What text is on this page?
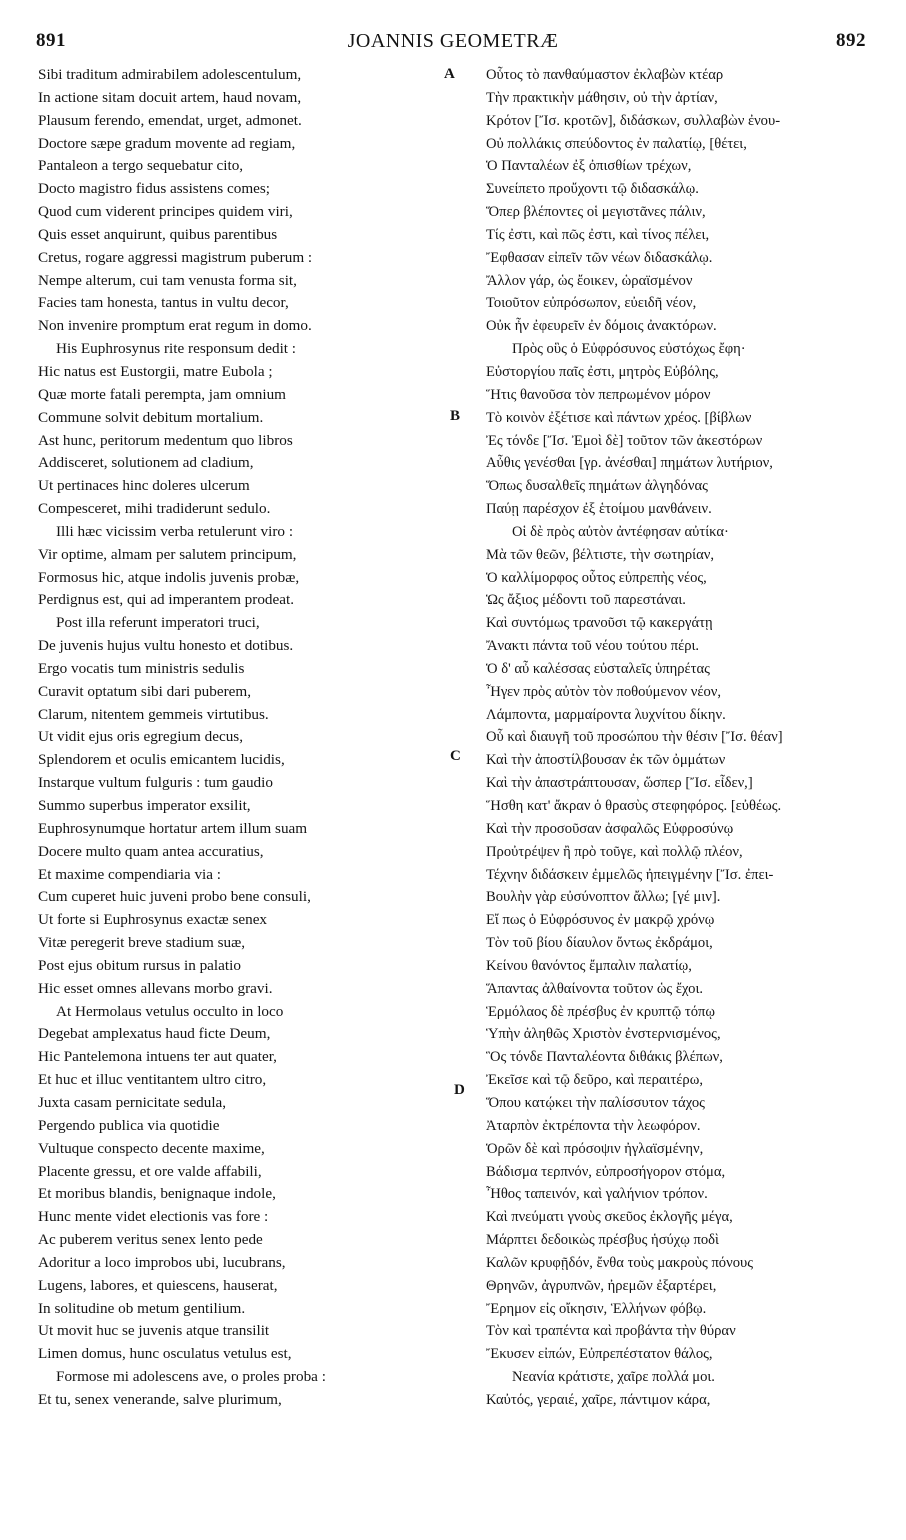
891	JOANNIS GEOMETRÆ	892
Sibi traditum admirabilem adolescentulum,
In actione sitam docuit artem, haud novam,
Plausum ferendo, emendat, urget, admonet.
Doctore sæpe gradum movente ad regiam,
Pantaleon a tergo sequebatur cito,
Docto magistro fidus assistens comes;
Quod cum viderent principes quidem viri,
Quis esset anquirunt, quibus parentibus
Cretus, rogare aggressi magistrum puberum :
Nempe alterum, cui tam venusta forma sit,
Facies tam honesta, tantus in vultu decor,
Non invenire promptum erat regum in domo.
His Euphrosynus rite responsum dedit :
Hic natus est Eustorgii, matre Eubola ;
Quæ morte fatali perempta, jam omnium
Commune solvit debitum mortalium.
Ast hunc, peritorum medentum quo libros
Addisceret, solutionem ad cladium,
Ut pertinaces hinc doleres ulcerum
Compesceret, mihi tradiderunt sedulo.
Illi hæc vicissim verba retulerunt viro :
Vir optime, almam per salutem principum,
Formosus hic, atque indolis juvenis probæ,
Perdignus est, qui ad imperantem prodeat.
Post illa referunt imperatori truci,
De juvenis hujus vultu honesto et dotibus.
Ergo vocatis tum ministris sedulis
Curavit optatum sibi dari puberem,
Clarum, nitentem gemmeis virtutibus.
Ut vidit ejus oris egregium decus,
Splendorem et oculis emicantem lucidis,
Instarque vultum fulguris : tum gaudio
Summo superbus imperator exsilit,
Euphrosynumque hortatur artem illum suam
Docere multo quam antea accuratius,
Et maxime compendiaria via :
Cum cuperet huic juveni probo bene consuli,
Ut forte si Euphrosynus exactæ senex
Vitæ peregerit breve stadium suæ,
Post ejus obitum rursus in palatio
Hic esset omnes allevans morbo gravi.
At Hermolaus vetulus occulto in loco
Degebat amplexatus haud ficte Deum,
Hic Pantelemona intuens ter aut quater,
Et huc et illuc ventitantem ultro citro,
Juxta casam pernicitate sedula,
Pergendo publica via quotidie
Vultuque conspecto decente maxime,
Placente gressu, et ore valde affabili,
Et moribus blandis, benignaque indole,
Hunc mente videt electionis vas fore :
Ac puberem veritus senex lento pede
Adoritur a loco improbos ubi, lucubrans,
Lugens, labores, et quiescens, hauserat,
In solitudine ob metum gentilium.
Ut movit huc se juvenis atque transilit
Limen domus, hunc osculatus vetulus est,
Formose mi adolescens ave, o proles proba :
Et tu, senex venerande, salve plurimum,
Οὗτος τὸ πανθαύμαστον ἐκλαβὼν κτέαρ
Τὴν πρακτικὴν μάθησιν, οὐ τὴν ἀρτίαν,
Κρότον [Ἴσ. κροτῶν], διδάσκων, συλλαβὼν ἐνου-
Οὐ πολλάκις σπεύδοντος ἐν παλατίῳ, [θέτει,
Ὁ Πανταλέων ἐξ ὀπισθίων τρέχων,
Συνείπετο προὔχοντι τῷ διδασκάλῳ.
Ὅπερ βλέποντες οἱ μεγιστᾶνες πάλιν,
Τίς ἐστι, καὶ πῶς ἐστι, καὶ τίνος πέλει,
Ἔφθασαν εἰπεῖν τῶν νέων διδασκάλῳ.
Ἄλλον γάρ, ὡς ἔοικεν, ὡραϊσμένον
Τοιοῦτον εὐπρόσωπον, εὐειδῆ νέον,
Οὐκ ἦν ἐφευρεῖν ἐν δόμοις ἀνακτόρων.
Πρὸς οὓς ὁ Εὐφρόσυνος εὐστόχως ἔφη·
Εὐστοργίου παῖς ἐστι, μητρὸς Εὐβόλης,
Ἥτις θανοῦσα τὸν πεπρωμένον μόρον
Τὸ κοινὸν ἐξέτισε καὶ πάντων χρέος. [βίβλων
Ἐς τόνδε [Ἴσ. Ἐμοὶ δὲ] τοῦτον τῶν ἀκεστόρων
Αὖθις γενέσθαι [γρ. ἀνέσθαι] πημάτων λυτήριον,
Ὅπως δυσαλθεῖς πημάτων ἀλγηδόνας
Παύῃ παρέσχον ἐξ ἑτοίμου μανθάνειν.
Οἱ δὲ πρὸς αὐτὸν ἀντέφησαν αὐτίκα·
Μὰ τῶν θεῶν, βέλτιστε, τὴν σωτηρίαν,
Ὁ καλλίμορφος οὗτος εὐπρεπὴς νέος,
Ὡς ἄξιος μέδοντι τοῦ παρεστάναι.
Καὶ συντόμως τρανοῦσι τῷ κακεργάτῃ
Ἄνακτι πάντα τοῦ νέου τούτου πέρι.
Ὁ δ' αὖ καλέσσας εὐσταλεῖς ὑπηρέτας
Ἦγεν πρὸς αὐτὸν τὸν ποθούμενον νέον,
Λάμποντα, μαρμαίροντα λυχνίτου δίκην.
Οὗ καὶ διαυγῆ τοῦ προσώπου τὴν θέσιν [Ἴσ. θέαν]
Καὶ τὴν ἀποστίλβουσαν ἐκ τῶν ὀμμάτων
Καὶ τὴν ἀπαστράπτουσαν, ὥσπερ [Ἴσ. εἶδεν,]
Ἥσθη κατ' ἄκραν ὁ θρασὺς στεφηφόρος. [εὐθέως.
Καὶ τὴν προσοῦσαν ἀσφαλῶς Εὐφροσύνῳ
Προὐτρέψεν ἢ πρὸ τοῦγε, καὶ πολλῷ πλέον,
Τέχνην διδάσκειν ἐμμελῶς ἠπειγμένην [Ἴσ. ἐπει-
Βουλὴν γὰρ εὐσύνοπτον ἄλλω; [γέ μιν].
Εἴ πως ὁ Εὐφρόσυνος ἐν μακρῷ χρόνῳ
Τὸν τοῦ βίου δίαυλον ὄντως ἐκδράμοι,
Κείνου θανόντος ἔμπαλιν παλατίῳ,
Ἅπαντας ἀλθαίνοντα τοῦτον ὡς ἔχοι.
Ἑρμόλαος δὲ πρέσβυς ἐν κρυπτῷ τόπῳ
Ὑπὴν ἀληθῶς Χριστὸν ἐνστερνισμένος,
Ὃς τόνδε Πανταλέοντα διθάκις βλέπων,
Ἐκεῖσε καὶ τῷ δεῦρο, καὶ περαιτέρω,
Ὅπου κατῴκει τὴν παλίσσυτον τάχος
Ἀταρπὸν ἐκτρέποντα τὴν λεωφόρον.
Ὁρῶν δὲ καὶ πρόσοψιν ἠγλαϊσμένην,
Βάδισμα τερπνόν, εὐπροσήγορον στόμα,
Ἦθος ταπεινόν, καὶ γαλήνιον τρόπον.
Καὶ πνεύματι γνοὺς σκεῦος ἐκλογῆς μέγα,
Μάρπτει δεδοικὼς πρέσβυς ἡσύχῳ ποδὶ
Καλῶν κρυφῇδόν, ἔνθα τοὺς μακροὺς πόνους
Θρηνῶν, ἀγρυπνῶν, ἠρεμῶν ἐξαρτέρει,
Ἔρημον εἰς οἴκησιν, Ἑλλήνων φόβῳ.
Τὸν καὶ τραπέντα καὶ προβάντα τὴν θύραν
Ἔκυσεν εἰπών, Εὐπρεπέστατον θάλος,
Νεανία κράτιστε, χαῖρε πολλά μοι.
Καὐτός, γεραιέ, χαῖρε, πάντιμον κάρα,
A
B
C
D
